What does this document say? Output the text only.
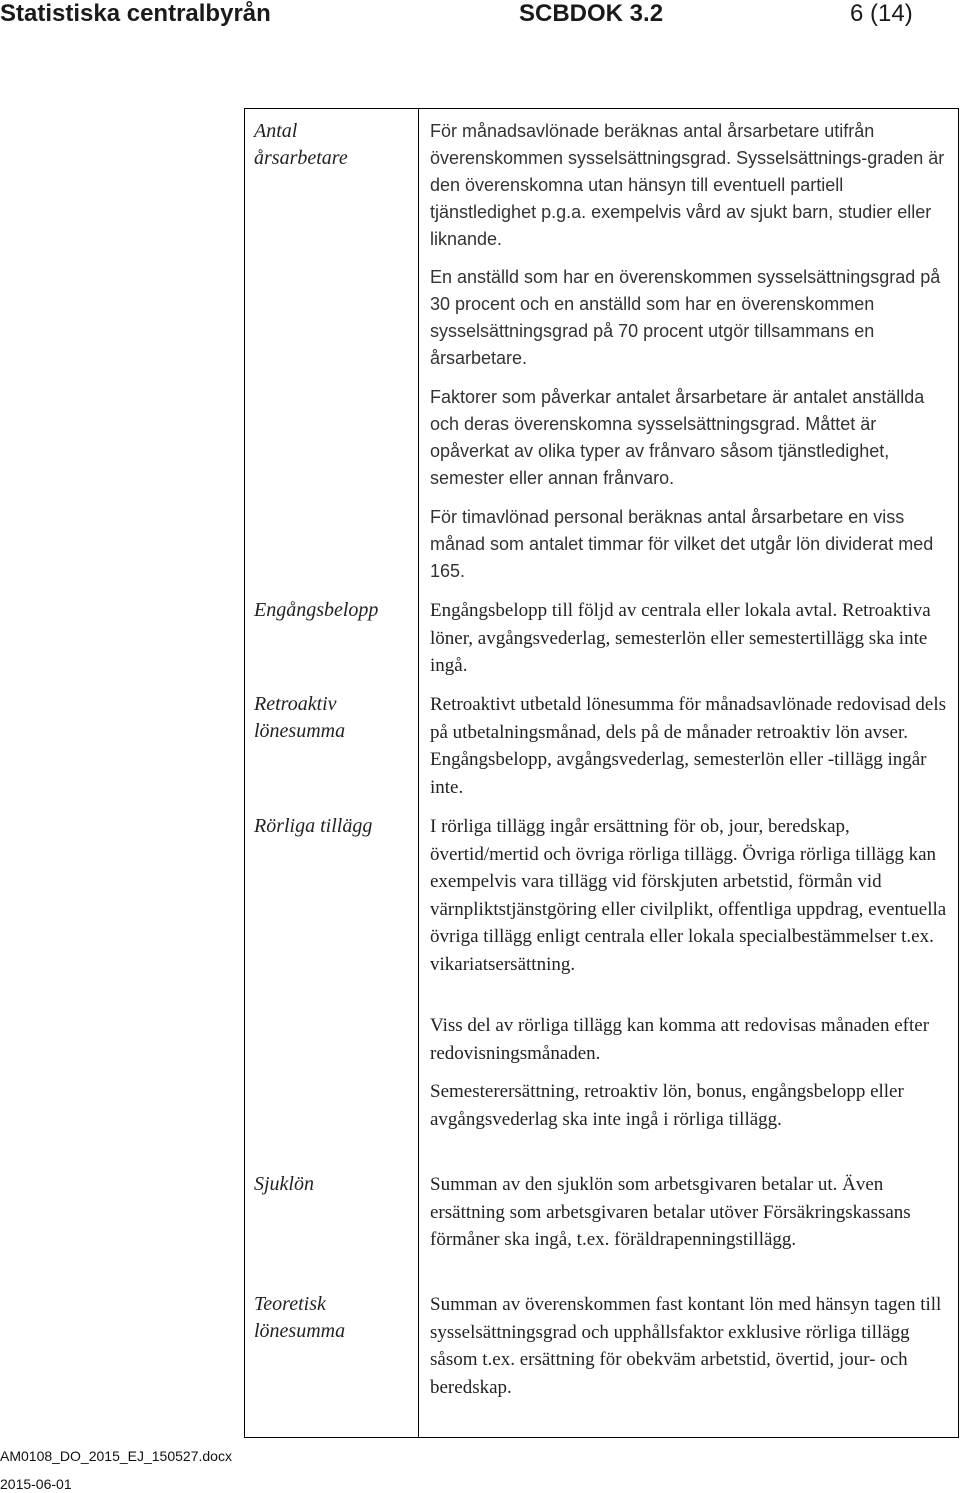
Statistiska centralbyrån	SCBDOK 3.2	6 (14)
Antal årsarbetare
Engångsbelopp
Retroaktiv lönesumma
Rörliga tillägg
Sjuklön
Teoretisk lönesumma
För månadsavlönade beräknas antal årsarbetare utifrån överenskommen sysselsättningsgrad. Sysselsättnings-graden är den överenskomna utan hänsyn till eventuell partiell tjänstledighet p.g.a. exempelvis vård av sjukt barn, studier eller liknande.
En anställd som har en överenskommen sysselsättningsgrad på 30 procent och en anställd som har en överenskommen sysselsättningsgrad på 70 procent utgör tillsammans en årsarbetare.
Faktorer som påverkar antalet årsarbetare är antalet anställda och deras överenskomna sysselsättningsgrad. Måttet är opåverkat av olika typer av frånvaro såsom tjänstledighet, semester eller annan frånvaro.
För timavlönad personal beräknas antal årsarbetare en viss månad som antalet timmar för vilket det utgår lön dividerat med 165.
Engångsbelopp till följd av centrala eller lokala avtal. Retroaktiva löner, avgångsvederlag, semesterlön eller semestertillägg ska inte ingå.
Retroaktivt utbetald lönesumma för månadsavlönade redovisad dels på utbetalningsmånad, dels på de månader retroaktiv lön avser. Engångsbelopp, avgångsvederlag, semesterlön eller -tillägg ingår inte.
I rörliga tillägg ingår ersättning för ob, jour, beredskap, övertid/mertid och övriga rörliga tillägg. Övriga rörliga tillägg kan exempelvis vara tillägg vid förskjuten arbetstid, förmån vid värnpliktstjänstgöring eller civilplikt, offentliga uppdrag, eventuella övriga tillägg enligt centrala eller lokala specialbestämmelser t.ex. vikariatsersättning.
Viss del av rörliga tillägg kan komma att redovisas månaden efter redovisningsmånaden.
Semesterersättning, retroaktiv lön, bonus, engångsbelopp eller avgångsvederlag ska inte ingå i rörliga tillägg.
Summan av den sjuklön som arbetsgivaren betalar ut. Även ersättning som arbetsgivaren betalar utöver Försäkringskassans förmåner ska ingå, t.ex. föräldrapenningstillägg.
Summan av överenskommen fast kontant lön med hänsyn tagen till sysselsättningsgrad och upphållsfaktor exklusive rörliga tillägg såsom t.ex. ersättning för obekväm arbetstid, övertid, jour- och beredskap.
AM0108_DO_2015_EJ_150527.docx
2015-06-01
